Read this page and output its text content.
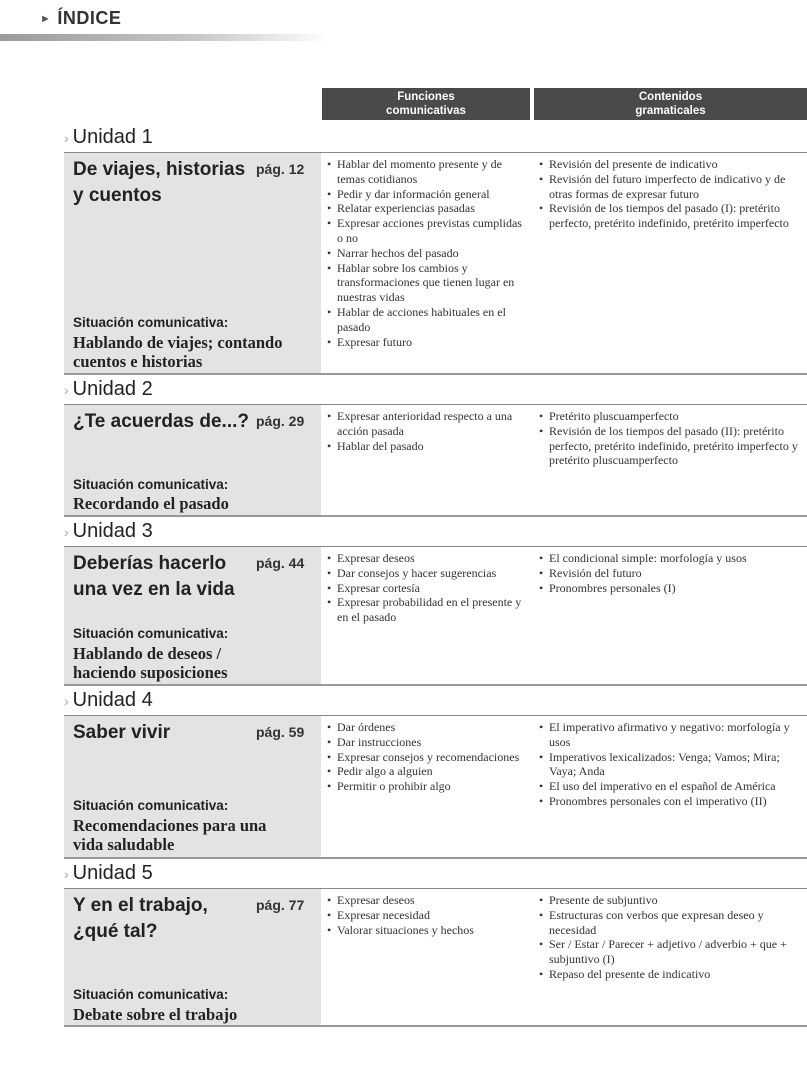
► ÍNDICE
Funciones
comunicativas
Contenidos
gramaticales
› Unidad 1
De viajes, historias y cuentos
pág. 12
Situación comunicativa:
Hablando de viajes; contando cuentos e historias
• Hablar del momento presente y de temas cotidianos
• Pedir y dar información general
• Relatar experiencias pasadas
• Expresar acciones previstas cumplidas o no
• Narrar hechos del pasado
• Hablar sobre los cambios y transformaciones que tienen lugar en nuestras vidas
• Hablar de acciones habituales en el pasado
• Expresar futuro
• Revisión del presente de indicativo
• Revisión del futuro imperfecto de indicativo y de otras formas de expresar futuro
• Revisión de los tiempos del pasado (I): pretérito perfecto, pretérito indefinido, pretérito imperfecto
› Unidad 2
¿Te acuerdas de...? pág. 29
Situación comunicativa:
Recordando el pasado
• Expresar anterioridad respecto a una acción pasada
• Hablar del pasado
• Pretérito pluscuamperfecto
• Revisión de los tiempos del pasado (II): pretérito perfecto, pretérito indefinido, pretérito imperfecto y pretérito pluscuamperfecto
› Unidad 3
Deberías hacerlo una vez en la vida
pág. 44
Situación comunicativa:
Hablando de deseos / haciendo suposiciones
• Expresar deseos
• Dar consejos y hacer sugerencias
• Expresar cortesía
• Expresar probabilidad en el presente y en el pasado
• El condicional simple: morfología y usos
• Revisión del futuro
• Pronombres personales (I)
› Unidad 4
Saber vivir	pág. 59
Situación comunicativa:
Recomendaciones para una vida saludable
• Dar órdenes
• Dar instrucciones
• Expresar consejos y recomendaciones
• Pedir algo a alguien
• Permitir o prohibir algo
• El imperativo afirmativo y negativo: morfología y usos
• Imperativos lexicalizados: Venga; Vamos; Mira; Vaya; Anda
• El uso del imperativo en el español de América
• Pronombres personales con el imperativo (II)
› Unidad 5
Y en el trabajo, ¿qué tal?
pág. 77
Situación comunicativa:
Debate sobre el trabajo
• Expresar deseos
• Expresar necesidad
• Valorar situaciones y hechos
• Presente de subjuntivo
• Estructuras con verbos que expresan deseo y necesidad
• Ser / Estar / Parecer + adjetivo / adverbio + que + subjuntivo (I)
• Repaso del presente de indicativo
